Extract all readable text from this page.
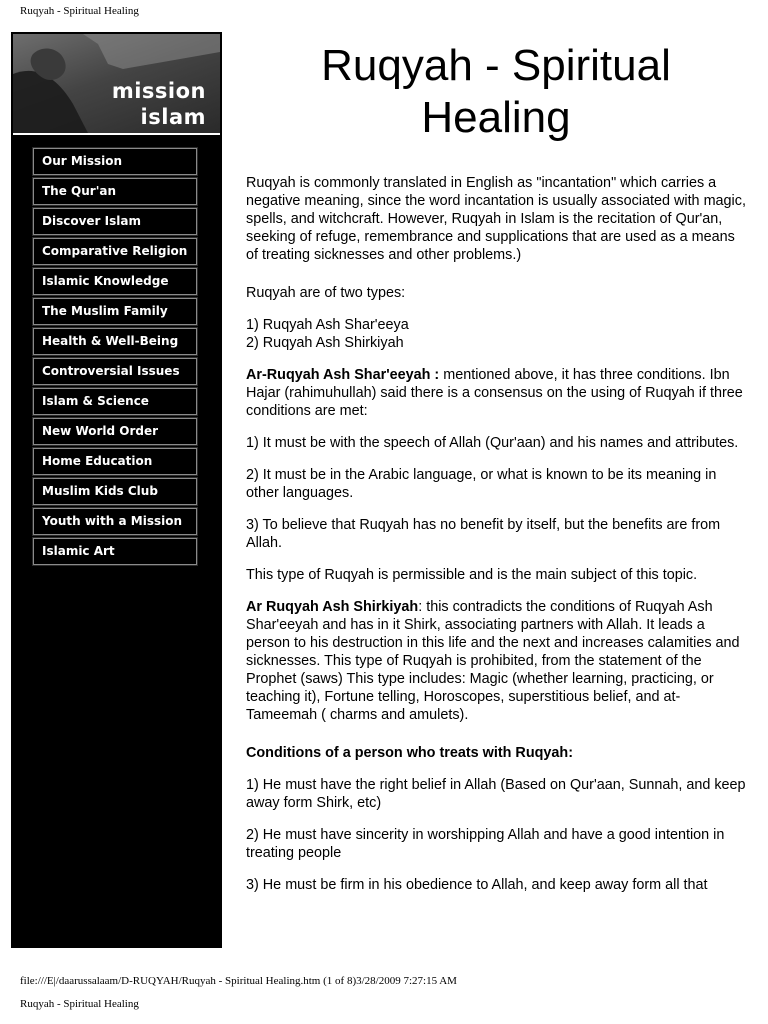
Ruqyah - Spiritual Healing
mission
islam
Our Mission
The Qur'an
Discover Islam
Comparative Religion
Islamic Knowledge
The Muslim Family
Health & Well-Being
Controversial Issues
Islam & Science
New World Order
Home Education
Muslim Kids Club
Youth with a Mission
Islamic Art
Ruqyah - Spiritual
Healing

Ruqyah is commonly translated in English as "incantation" which carries a negative meaning, since the word incantation is usually associated with magic, spells, and witchcraft. However, Ruqyah in Islam is the recitation of Qur'an, seeking of refuge, remembrance and supplications that are used as a means of treating sicknesses and other problems.)

Ruqyah are of two types:

1) Ruqyah Ash Shar'eeya
2) Ruqyah Ash Shirkiyah

Ar-Ruqyah Ash Shar'eeyah : mentioned above, it has three conditions. Ibn Hajar (rahimuhullah) said there is a consensus on the using of Ruqyah if three conditions are met:

1) It must be with the speech of Allah (Qur'aan) and his names and attributes.

2) It must be in the Arabic language, or what is known to be its meaning in other languages.

3) To believe that Ruqyah has no benefit by itself, but the benefits are from Allah.

This type of Ruqyah is permissible and is the main subject of this topic.

Ar Ruqyah Ash Shirkiyah: this contradicts the conditions of Ruqyah Ash Shar'eeyah and has in it Shirk, associating partners with Allah. It leads a person to his destruction in this life and the next and increases calamities and sicknesses. This type of Ruqyah is prohibited, from the statement of the Prophet (saws) This type includes: Magic (whether learning, practicing, or teaching it), Fortune telling, Horoscopes, superstitious belief, and at-Tameemah ( charms and amulets).

Conditions of a person who treats with Ruqyah:

1) He must have the right belief in Allah (Based on Qur'aan, Sunnah, and keep away form Shirk, etc)

2) He must have sincerity in worshipping Allah and have a good intention in treating people

3) He must be firm in his obedience to Allah, and keep away form all that

file:///E|/daarussalaam/D-RUQYAH/Ruqyah - Spiritual Healing.htm (1 of 8)3/28/2009 7:27:15 AM
Ruqyah - Spiritual Healing
